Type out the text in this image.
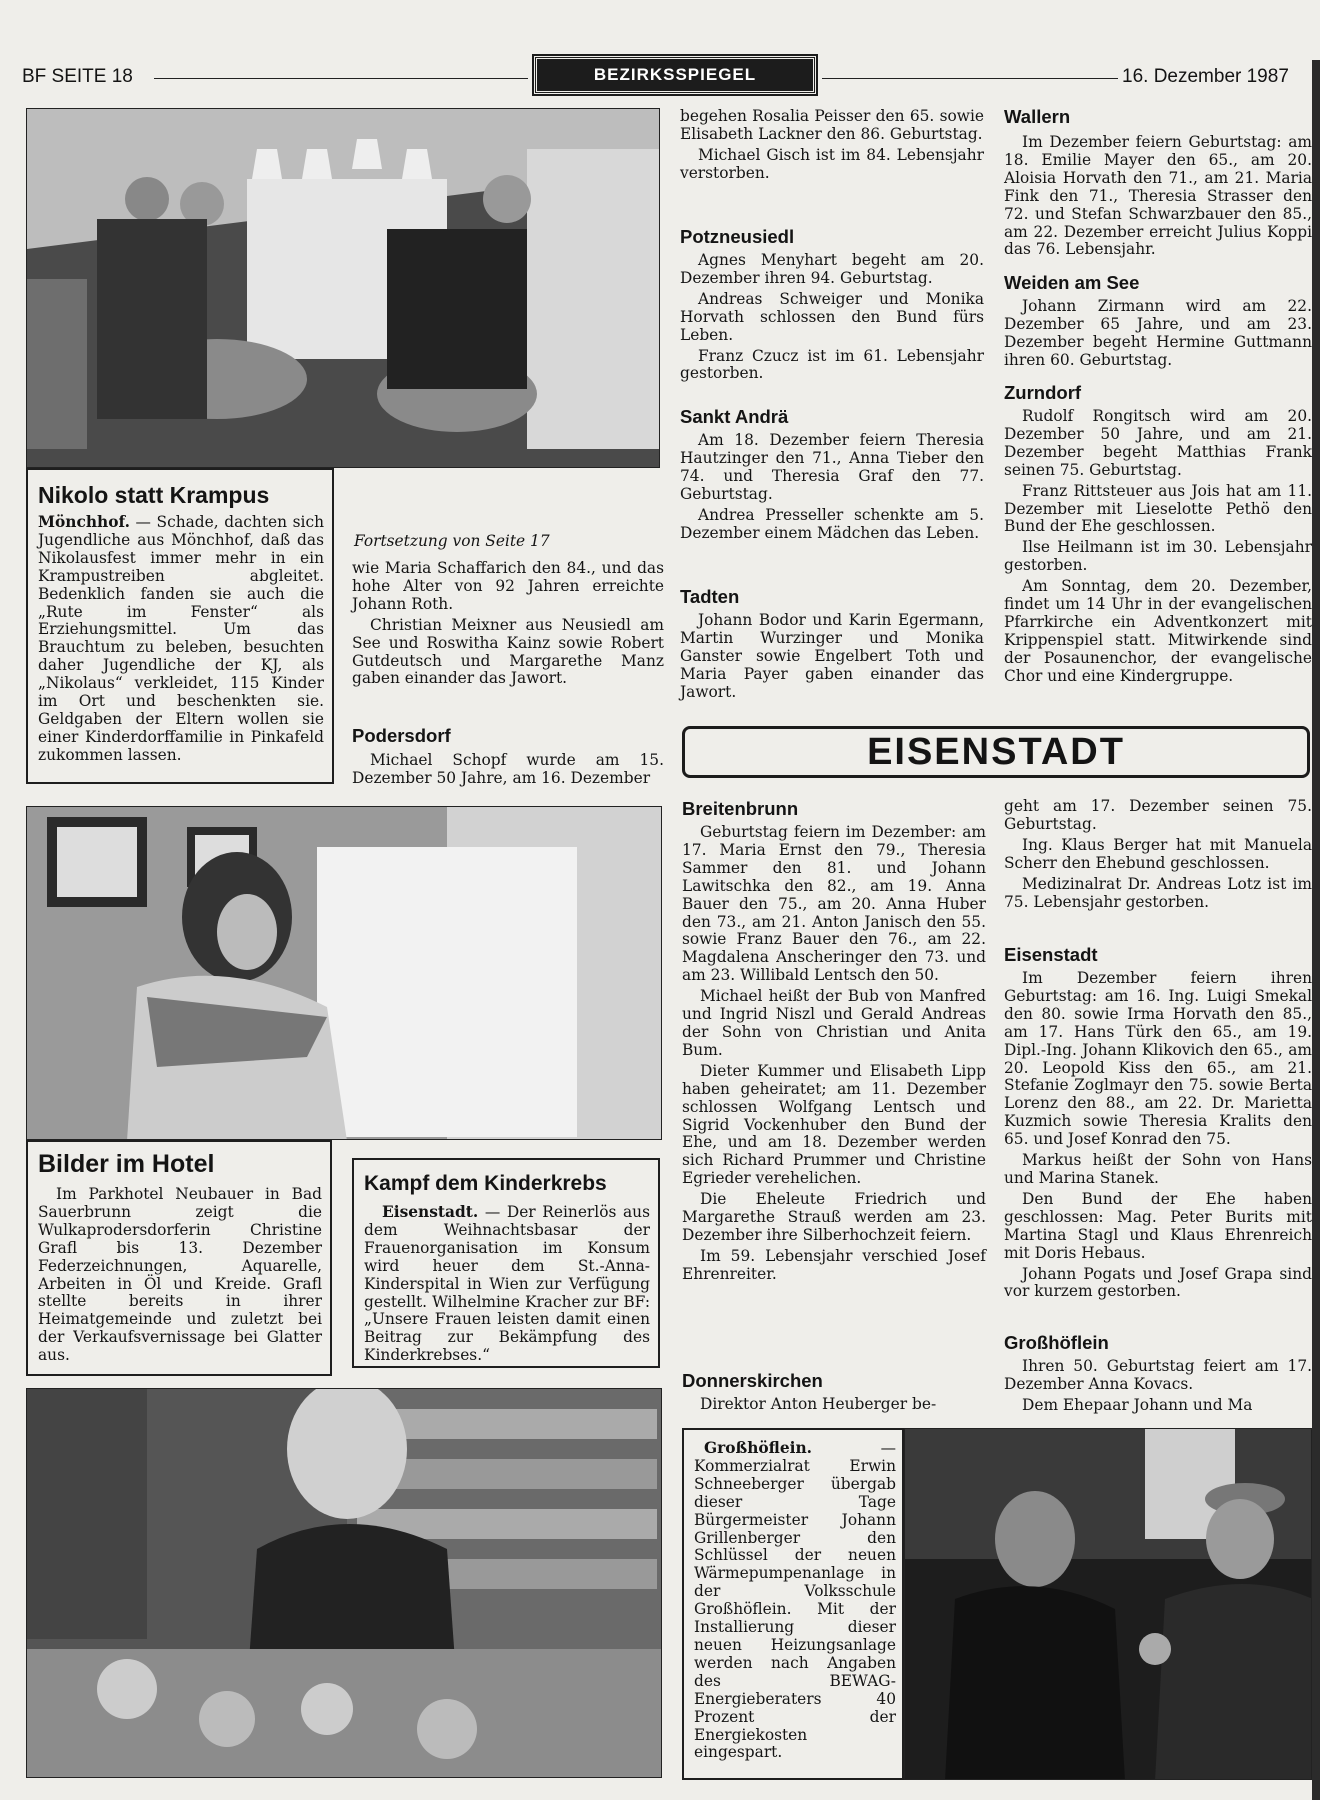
BF SEITE 18	BEZIRKSSPIEGEL	16. Dezember 1987
Nikolo statt Krampus

Mönchhof. — Schade, dachten sich Jugendliche aus Mönchhof, daß das Nikolausfest immer mehr in ein Krampustreiben abgleitet. Bedenklich fanden sie auch die „Rute im Fenster“ als Erziehungsmittel. Um das Brauchtum zu beleben, besuchten daher Jugendliche der KJ, als „Nikolaus“ verkleidet, 115 Kinder im Ort und beschenkten sie. Geldgaben der Eltern wollen sie einer Kinderdorffamilie in Pinkafeld zukommen lassen.

Fortsetzung von Seite 17

wie Maria Schaffarich den 84., und das hohe Alter von 92 Jahren erreichte Johann Roth.

Christian Meixner aus Neusiedl am See und Roswitha Kainz sowie Robert Gutdeutsch und Margarethe Manz gaben einander das Jawort.

Podersdorf

Michael Schopf wurde am 15. Dezember 50 Jahre, am 16. Dezember

begehen Rosalia Peisser den 65. sowie Elisabeth Lackner den 86. Geburtstag.

Michael Gisch ist im 84. Lebensjahr verstorben.

Potzneusiedl

Agnes Menyhart begeht am 20. Dezember ihren 94. Geburtstag.

Andreas Schweiger und Monika Horvath schlossen den Bund fürs Leben.

Franz Czucz ist im 61. Lebensjahr gestorben.

Sankt Andrä

Am 18. Dezember feiern Theresia Hautzinger den 71., Anna Tieber den 74. und Theresia Graf den 77. Geburtstag.

Andrea Presseller schenkte am 5. Dezember einem Mädchen das Leben.

Tadten

Johann Bodor und Karin Egermann, Martin Wurzinger und Monika Ganster sowie Engelbert Toth und Maria Payer gaben einander das Jawort.

Wallern

Im Dezember feiern Geburtstag: am 18. Emilie Mayer den 65., am 20. Aloisia Horvath den 71., am 21. Maria Fink den 71., Theresia Strasser den 72. und Stefan Schwarzbauer den 85., am 22. Dezember erreicht Julius Koppi das 76. Lebensjahr.

Weiden am See

Johann Zirmann wird am 22. Dezember 65 Jahre, und am 23. Dezember begeht Hermine Guttmann ihren 60. Geburtstag.

Zurndorf

Rudolf Rongitsch wird am 20. Dezember 50 Jahre, und am 21. Dezember begeht Matthias Frank seinen 75. Geburtstag.

Franz Rittsteuer aus Jois hat am 11. Dezember mit Lieselotte Pethö den Bund der Ehe geschlossen.

Ilse Heilmann ist im 30. Lebensjahr gestorben.

Am Sonntag, dem 20. Dezember, findet um 14 Uhr in der evangelischen Pfarrkirche ein Adventkonzert mit Krippenspiel statt. Mitwirkende sind der Posaunenchor, der evangelische Chor und eine Kindergruppe.

EISENSTADT
Breitenbrunn

Geburtstag feiern im Dezember: am 17. Maria Ernst den 79., Theresia Sammer den 81. und Johann Lawitschka den 82., am 19. Anna Bauer den 75., am 20. Anna Huber den 73., am 21. Anton Janisch den 55. sowie Franz Bauer den 76., am 22. Magdalena Anscheringer den 73. und am 23. Willibald Lentsch den 50.

Michael heißt der Bub von Manfred und Ingrid Niszl und Gerald Andreas der Sohn von Christian und Anita Bum.

Dieter Kummer und Elisabeth Lipp haben geheiratet; am 11. Dezember schlossen Wolfgang Lentsch und Sigrid Vockenhuber den Bund der Ehe, und am 18. Dezember werden sich Richard Prummer und Christine Egrieder verehelichen.

Die Eheleute Friedrich und Margarethe Strauß werden am 23. Dezember ihre Silberhochzeit feiern.

Im 59. Lebensjahr verschied Josef Ehrenreiter.

Donnerskirchen

Direktor Anton Heuberger be-

geht am 17. Dezember seinen 75. Geburtstag.

Ing. Klaus Berger hat mit Manuela Scherr den Ehebund geschlossen.

Medizinalrat Dr. Andreas Lotz ist im 75. Lebensjahr gestorben.

Eisenstadt

Im Dezember feiern ihren Geburtstag: am 16. Ing. Luigi Smekal den 80. sowie Irma Horvath den 85., am 17. Hans Türk den 65., am 19. Dipl.-Ing. Johann Klikovich den 65., am 20. Leopold Kiss den 65., am 21. Stefanie Zoglmayr den 75. sowie Berta Lorenz den 88., am 22. Dr. Marietta Kuzmich sowie Theresia Kralits den 65. und Josef Konrad den 75.

Markus heißt der Sohn von Hans und Marina Stanek.

Den Bund der Ehe haben geschlossen: Mag. Peter Burits mit Martina Stagl und Klaus Ehrenreich mit Doris Hebaus.

Johann Pogats und Josef Grapa sind vor kurzem gestorben.

Großhöflein

Ihren 50. Geburtstag feiert am 17. Dezember Anna Kovacs.

Dem Ehepaar Johann und Ma

Bilder im Hotel

Im Parkhotel Neubauer in Bad Sauerbrunn zeigt die Wulkaprodersdorferin Christine Grafl bis 13. Dezember Federzeichnungen, Aquarelle, Arbeiten in Öl und Kreide. Grafl stellte bereits in ihrer Heimatgemeinde und zuletzt bei der Verkaufsvernissage bei Glatter aus.

Kampf dem Kinderkrebs

Eisenstadt. — Der Reinerlös aus dem Weihnachtsbasar der Frauenorganisation im Konsum wird heuer dem St.-Anna-Kinderspital in Wien zur Verfügung gestellt. Wilhelmine Kracher zur BF: „Unsere Frauen leisten damit einen Beitrag zur Bekämpfung des Kinderkrebses.“

Großhöflein. — Kommerzialrat Erwin Schneeberger übergab dieser Tage Bürgermeister Johann Grillenberger den Schlüssel der neuen Wärmepumpenanlage in der Volksschule Großhöflein. Mit der Installierung dieser neuen Heizungsanlage werden nach Angaben des BEWAG-Energieberaters 40 Prozent der Energiekosten eingespart.
